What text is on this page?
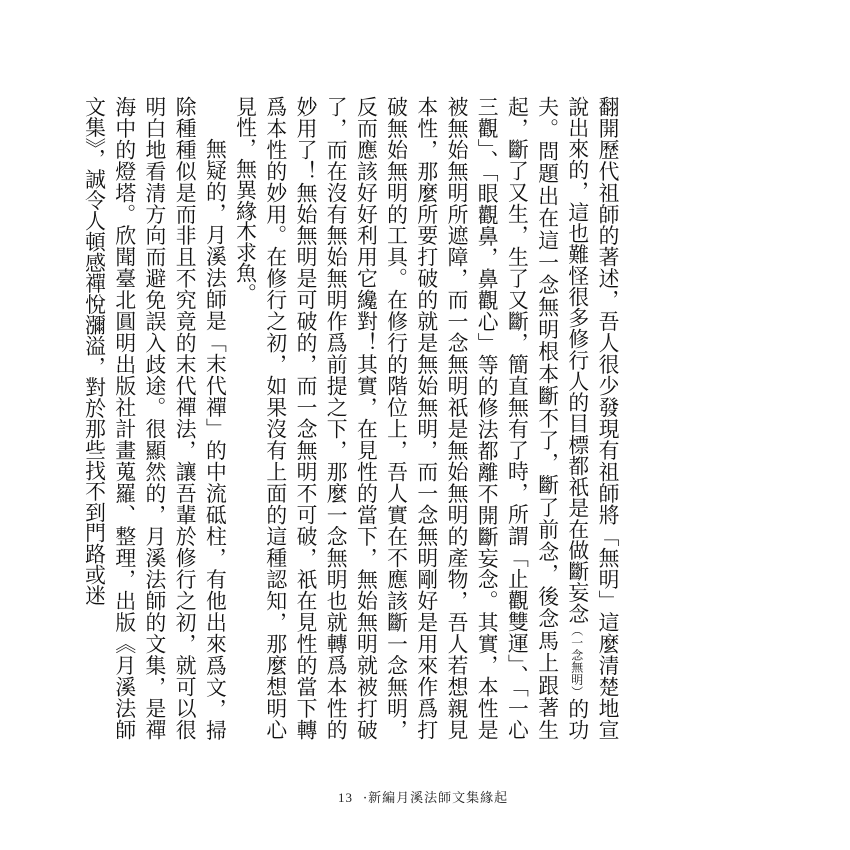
翻開歷代祖師的著述，吾人很少發現有祖師將「無明」這麼清楚地宣說出來的，這也難怪很多修行人的目標都祇是在做斷妄念（一念無明）的功夫。問題出在這一念無明根本斷不了，斷了前念，後念馬上跟著生起，斷了又生，生了又斷，簡直無有了時，所謂「止觀雙運」、「一心三觀」、「眼觀鼻，鼻觀心」等的修法都離不開斷妄念。其實，本性是被無始無明所遮障，而一念無明祇是無始無明的產物，吾人若想親見本性，那麼所要打破的就是無始無明，而一念無明剛好是用來作爲打破無始無明的工具。在修行的階位上，吾人實在不應該斷一念無明，反而應該好好利用它纔對！其實，在見性的當下，無始無明就被打破了，而在沒有無始無明作爲前提之下，那麼一念無明也就轉爲本性的妙用了！無始無明是可破的，而一念無明不可破，祇在見性的當下轉爲本性的妙用。在修行之初，如果沒有上面的這種認知，那麼想明心見性，無異緣木求魚。

無疑的，月溪法師是「末代禪」的中流砥柱，有他出來爲文，掃除種種似是而非且不究竟的末代禪法，讓吾輩於修行之初，就可以很明白地看清方向而避免誤入歧途。很顯然的，月溪法師的文集，是禪海中的燈塔。欣聞臺北圓明出版社計畫蒐羅、整理，出版《月溪法師文集》，誠令人頓感禪悅瀰溢，對於那些找不到門路或迷

13 ·新編月溪法師文集緣起
